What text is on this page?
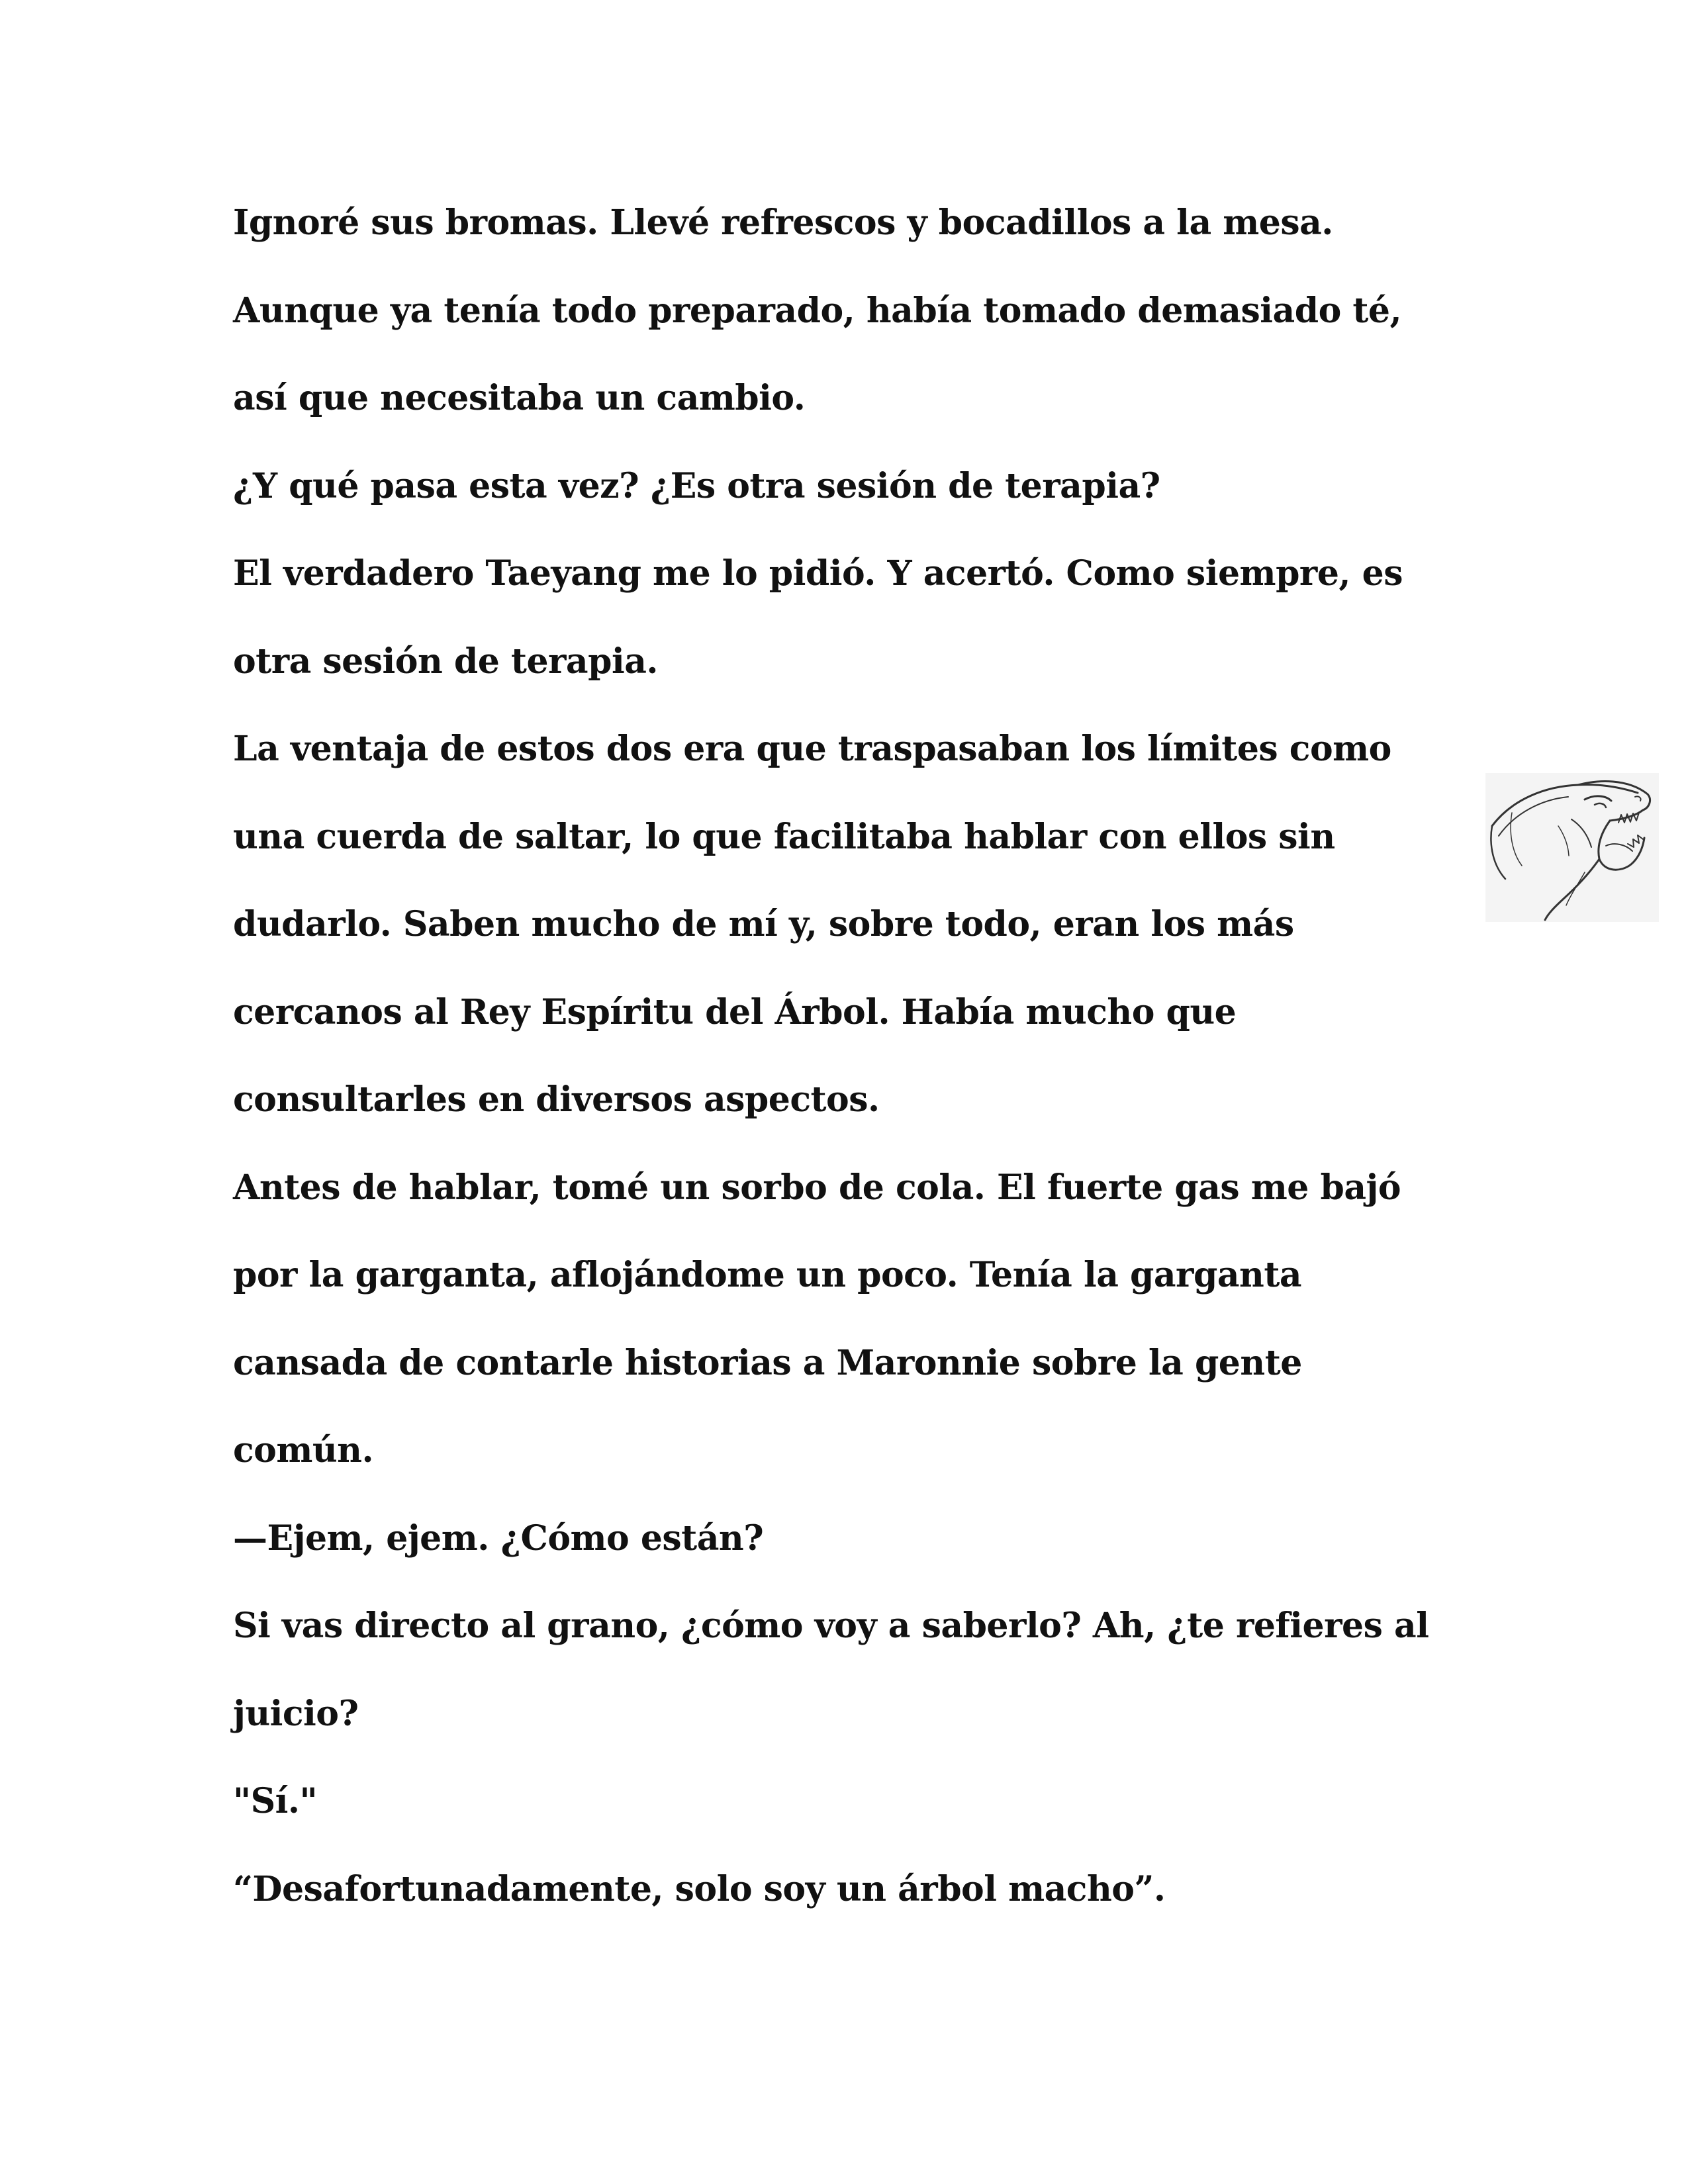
Ignoré sus bromas. Llevé refrescos y bocadillos a la mesa.
Aunque ya tenía todo preparado, había tomado demasiado té,
así que necesitaba un cambio.
¿Y qué pasa esta vez? ¿Es otra sesión de terapia?
El verdadero Taeyang me lo pidió. Y acertó. Como siempre, es
otra sesión de terapia.
La ventaja de estos dos era que traspasaban los límites como
una cuerda de saltar, lo que facilitaba hablar con ellos sin
dudarlo. Saben mucho de mí y, sobre todo, eran los más
cercanos al Rey Espíritu del Árbol. Había mucho que
consultarles en diversos aspectos.
Antes de hablar, tomé un sorbo de cola. El fuerte gas me bajó
por la garganta, aflojándome un poco. Tenía la garganta
cansada de contarle historias a Maronnie sobre la gente
común.
—Ejem, ejem. ¿Cómo están?
Si vas directo al grano, ¿cómo voy a saberlo? Ah, ¿te refieres al
juicio?
"Sí."
“Desafortunadamente, solo soy un árbol macho”.
